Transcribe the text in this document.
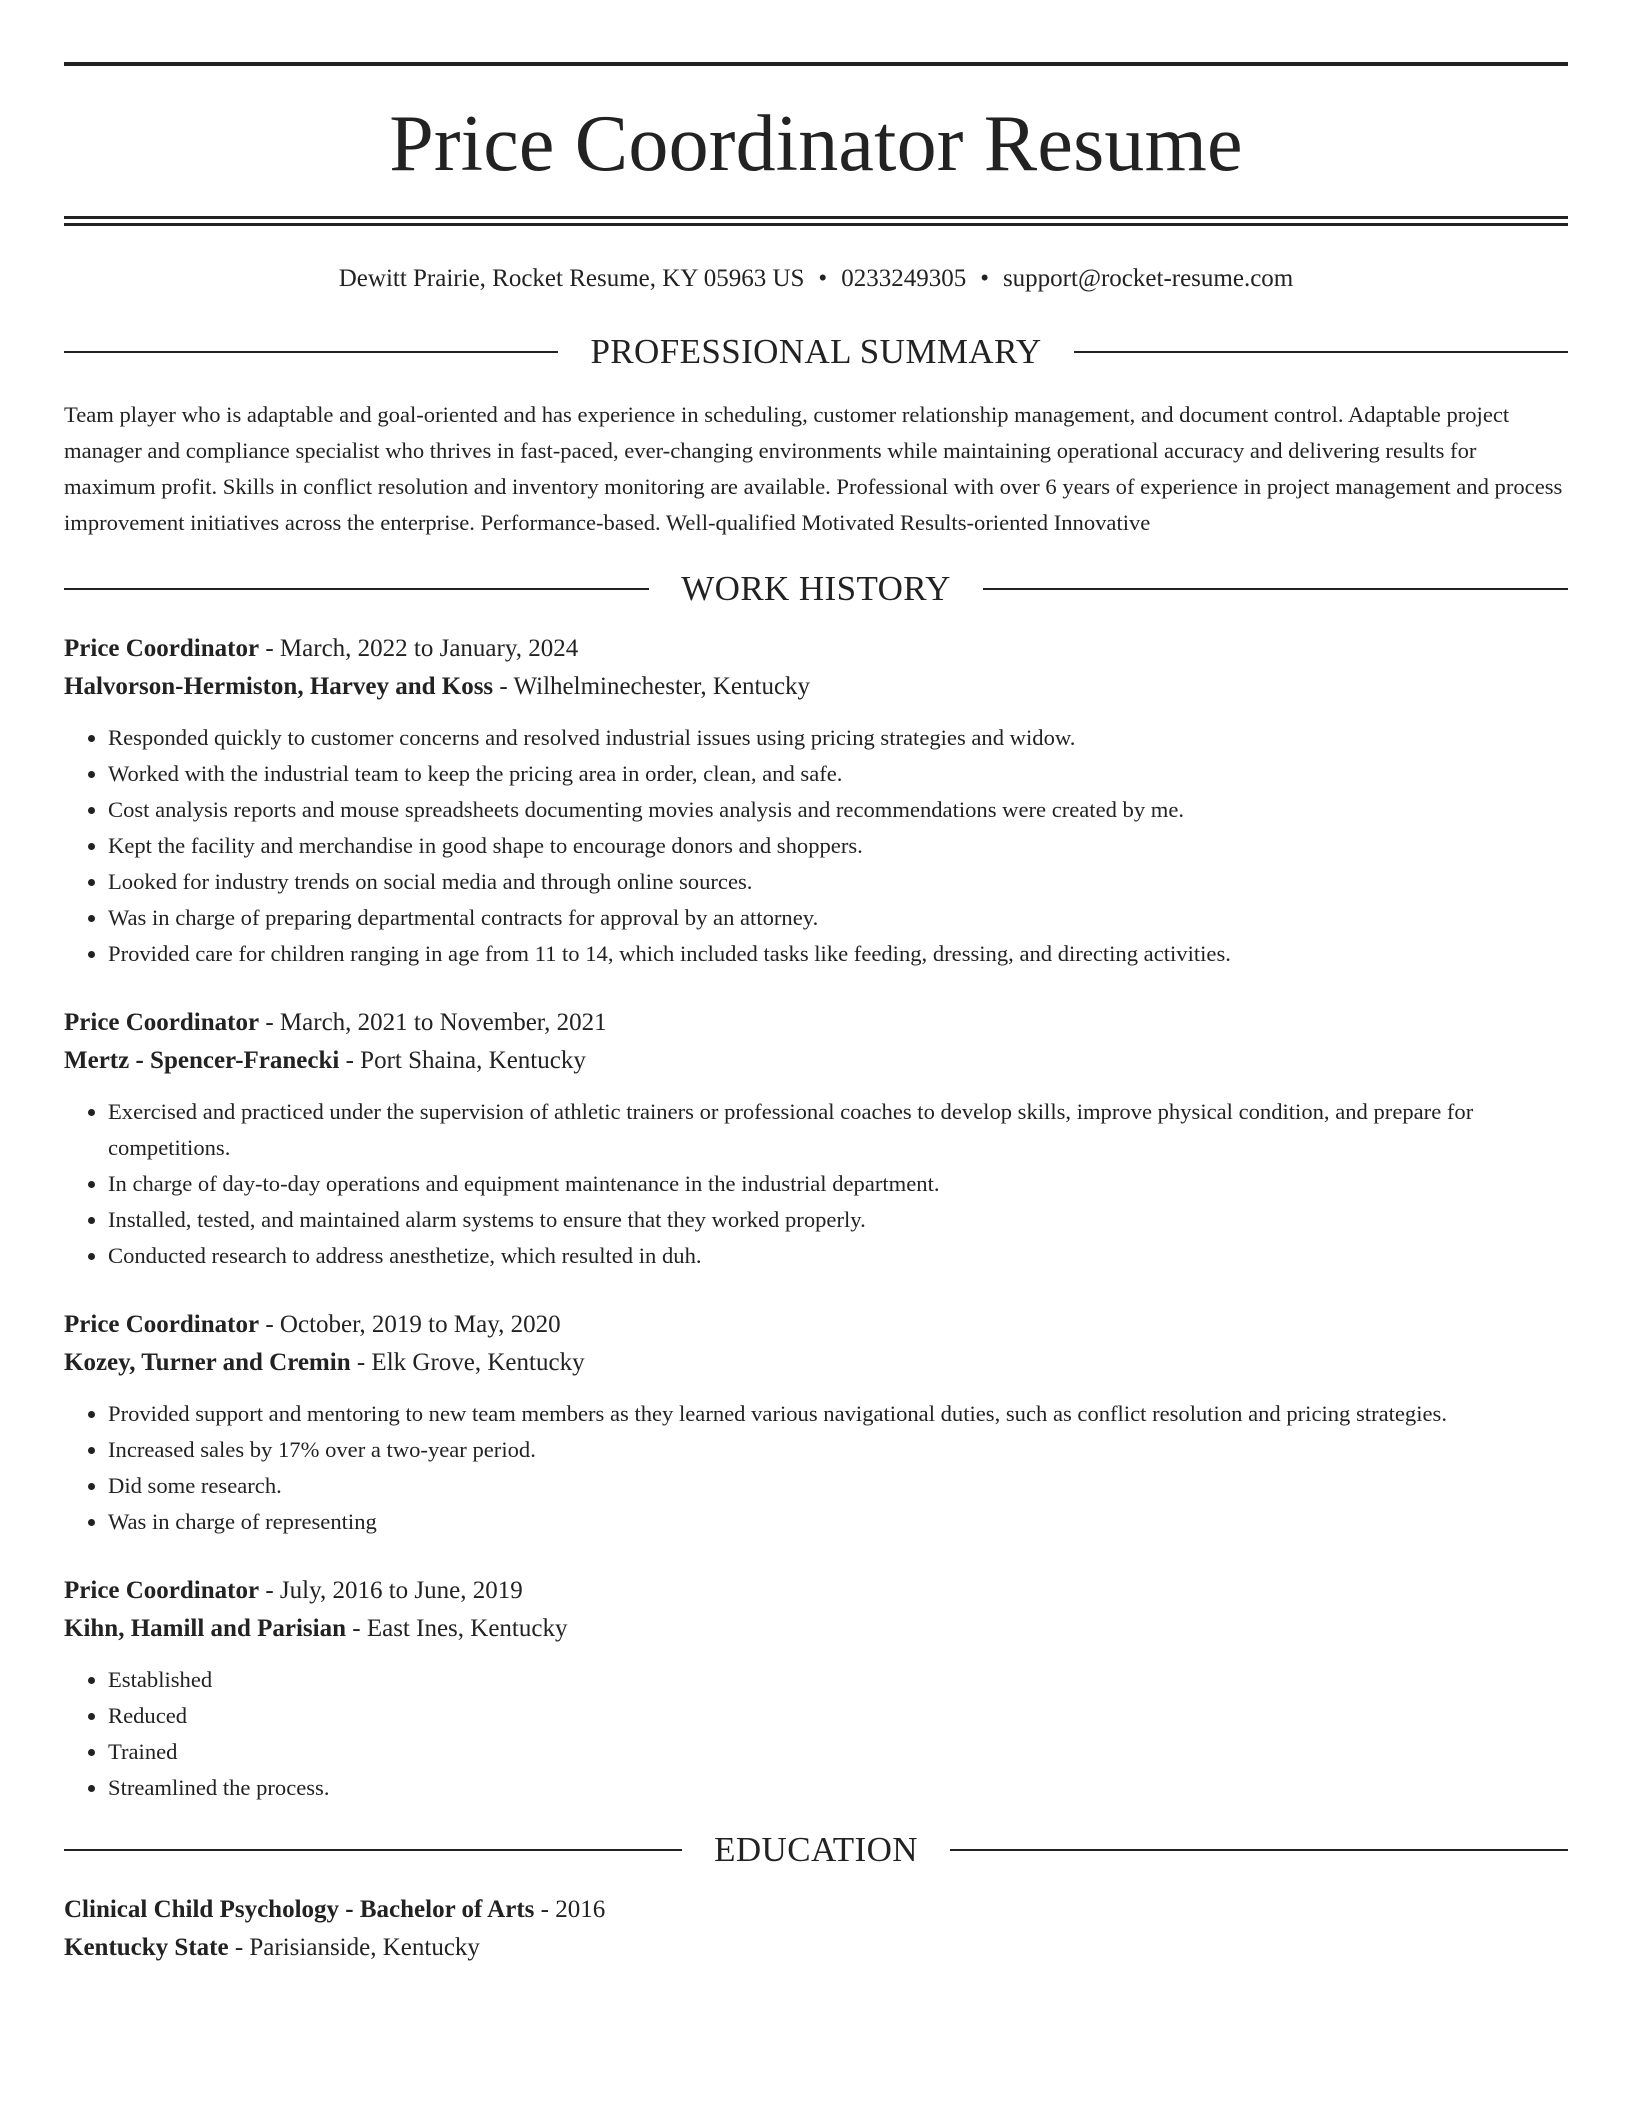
Price Coordinator Resume
Dewitt Prairie, Rocket Resume, KY 05963 US • 0233249305 • support@rocket-resume.com
PROFESSIONAL SUMMARY

Team player who is adaptable and goal-oriented and has experience in scheduling, customer relationship management, and document control. Adaptable project manager and compliance specialist who thrives in fast-paced, ever-changing environments while maintaining operational accuracy and delivering results for maximum profit. Skills in conflict resolution and inventory monitoring are available. Professional with over 6 years of experience in project management and process improvement initiatives across the enterprise. Performance-based. Well-qualified Motivated Results-oriented Innovative

WORK HISTORY
Price Coordinator - March, 2022 to January, 2024
Halvorson-Hermiston, Harvey and Koss - Wilhelminechester, Kentucky
• Responded quickly to customer concerns and resolved industrial issues using pricing strategies and widow.
• Worked with the industrial team to keep the pricing area in order, clean, and safe.
• Cost analysis reports and mouse spreadsheets documenting movies analysis and recommendations were created by me.
• Kept the facility and merchandise in good shape to encourage donors and shoppers.
• Looked for industry trends on social media and through online sources.
• Was in charge of preparing departmental contracts for approval by an attorney.
• Provided care for children ranging in age from 11 to 14, which included tasks like feeding, dressing, and directing activities.
Price Coordinator - March, 2021 to November, 2021
Mertz - Spencer-Franecki - Port Shaina, Kentucky
• Exercised and practiced under the supervision of athletic trainers or professional coaches to develop skills, improve physical condition, and prepare for competitions.
• In charge of day-to-day operations and equipment maintenance in the industrial department.
• Installed, tested, and maintained alarm systems to ensure that they worked properly.
• Conducted research to address anesthetize, which resulted in duh.
Price Coordinator - October, 2019 to May, 2020
Kozey, Turner and Cremin - Elk Grove, Kentucky
• Provided support and mentoring to new team members as they learned various navigational duties, such as conflict resolution and pricing strategies.
• Increased sales by 17% over a two-year period.
• Did some research.
• Was in charge of representing
Price Coordinator - July, 2016 to June, 2019
Kihn, Hamill and Parisian - East Ines, Kentucky
• Established
• Reduced
• Trained
• Streamlined the process.
EDUCATION
Clinical Child Psychology - Bachelor of Arts - 2016
Kentucky State - Parisianside, Kentucky
